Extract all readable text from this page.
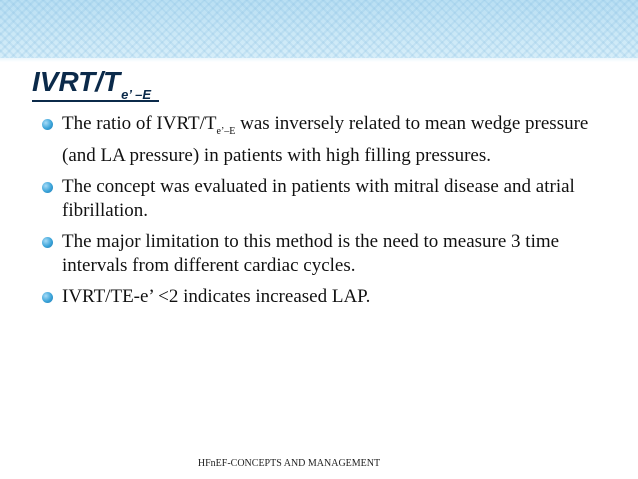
IVRT/$T_{e’ -E}$
The ratio of IVRT/$T_{e’-E}$ was inversely related to mean wedge pressure (and LA pressure) in patients with high filling pressures.
The concept was evaluated in patients with mitral disease and atrial fibrillation.
The major limitation to this method is the need to measure 3 time intervals from different cardiac cycles.
IVRT/TE-e’ <2 indicates increased LAP.
HFnEF-CONCEPTS AND MANAGEMENT
